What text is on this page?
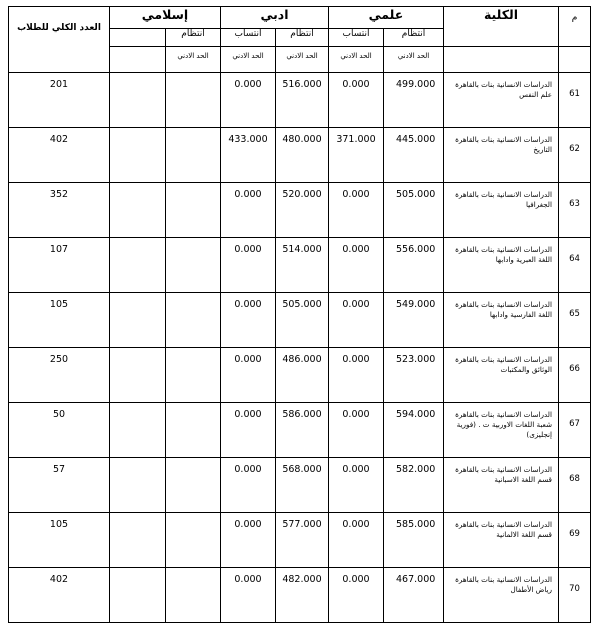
العدد الكلي للطلاب	إسلامي		ادبي		علمي		الكلية	م
		انتظام	انتساب	انتظام	انتساب	انتظام		
		الحد الادني	الحد الادني	الحد الادني	الحد الادني	الحد الادني		
201			0.000	516.000	0.000	499.000	الدراسات الانسانية بنات بالقاهرة علم النفس	61
402			433.000	480.000	371.000	445.000	الدراسات الانسانية بنات بالقاهرة التاريخ	62
352			0.000	520.000	0.000	505.000	الدراسات الانسانية بنات بالقاهرة الجغرافيا	63
107			0.000	514.000	0.000	556.000	الدراسات الانسانية بنات بالقاهرة اللغة العبرية وادابها	64
105			0.000	505.000	0.000	549.000	الدراسات الانسانية بنات بالقاهرة اللغة الفارسية وادابها	65
250			0.000	486.000	0.000	523.000	الدراسات الانسانية بنات بالقاهرة الوثائق والمكتبات	66
50			0.000	586.000	0.000	594.000	الدراسات الانسانية بنات بالقاهرة شعبة اللغات الاوربية ت . (فورية إنجليزى)	67
57			0.000	568.000	0.000	582.000	الدراسات الانسانية بنات بالقاهرة قسم اللغة الاسبانية	68
105			0.000	577.000	0.000	585.000	الدراسات الانسانية بنات بالقاهرة قسم اللغة الالمانية	69
402			0.000	482.000	0.000	467.000	الدراسات الانسانية بنات بالقاهرة رياض الأطفال	70
